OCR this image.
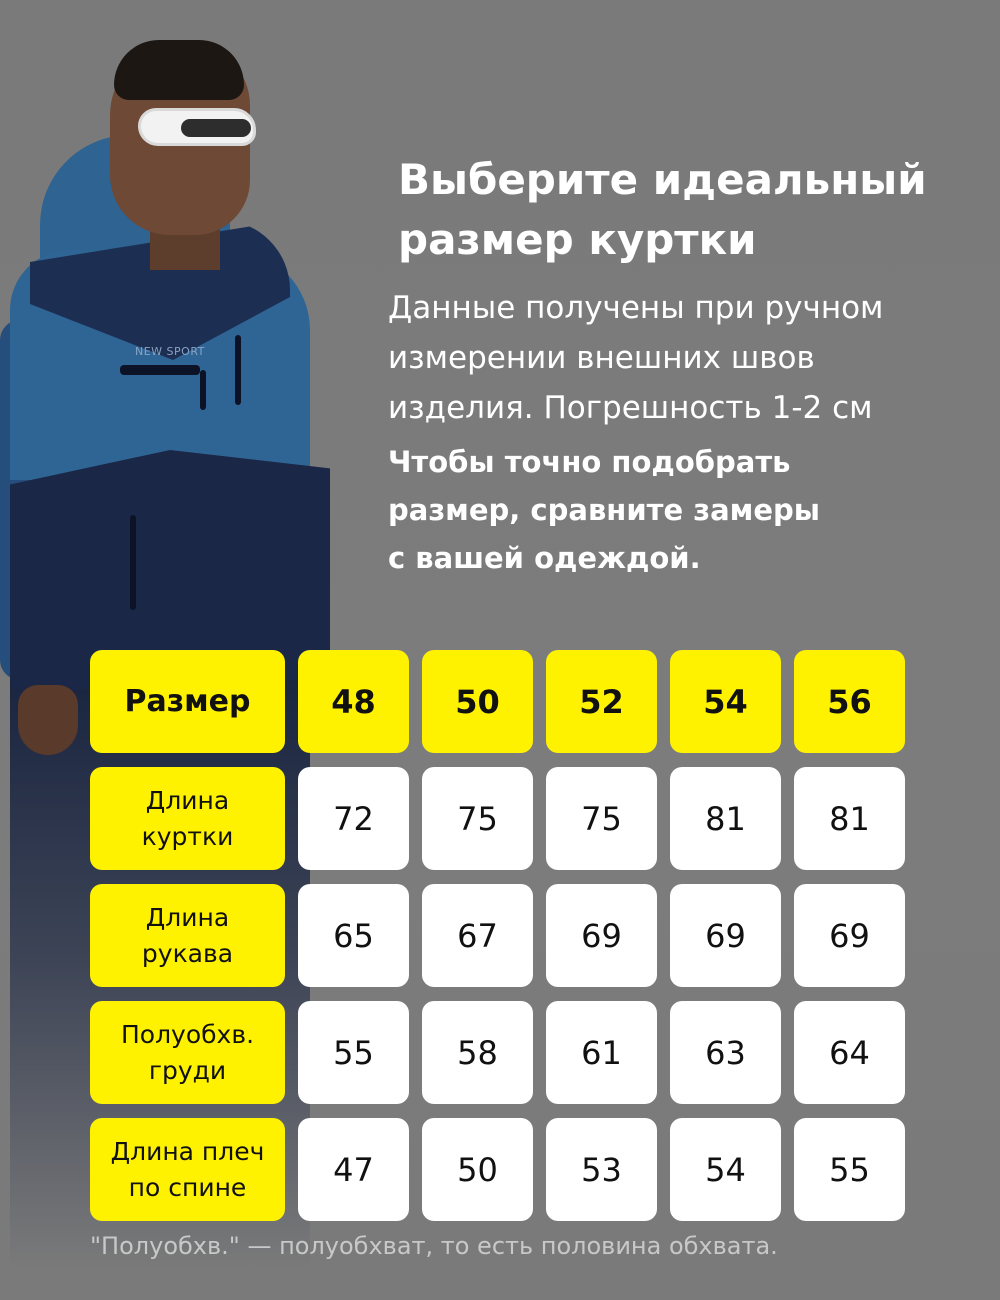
NEW SPORT
Выберите идеальный
размер куртки
Данные получены при ручном
измерении внешних швов
изделия. Погрешность 1-2 см
Чтобы точно подобрать
размер, сравните замеры
с вашей одеждой.
Размер	48 50 52 54 56
Длина
куртки	72	75	75	81	81
Длина
рукава	65	67	69	69	69
Полуобхв.
груди	55	58	61	63	64
Длина плеч
по спине	47	50	53	54	55
"Полуобхв." — полуобхват, то есть половина обхвата.
